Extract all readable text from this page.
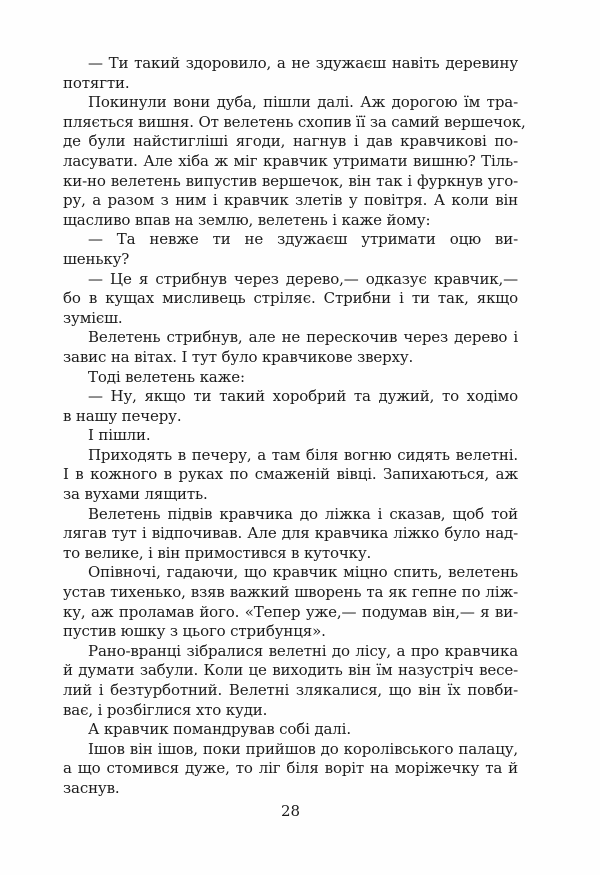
— Ти такий здоровило, а не здужаєш навіть деревину
потягти.
Покинули вони дуба, пішли далі. Аж дорогою їм тра-
пляється вишня. От велетень схопив її за самий вершечок,
де були найстигліші ягоди, нагнув і дав кравчикові по-
ласувати. Але хіба ж міг кравчик утримати вишню? Тіль-
ки-но велетень випустив вершечок, він так і фуркнув уго-
ру, а разом з ним і кравчик злетів у повітря. А коли він
щасливо впав на землю, велетень і каже йому:
— Та невже ти не здужаєш утримати оцю ви-
шеньку?
— Це я стрибнув через дерево,— одказує кравчик,—
бо в кущах мисливець стріляє. Стрибни і ти так, якщо
зумієш.
Велетень стрибнув, але не перескочив через дерево і
завис на вітах. І тут було кравчикове зверху.
Тоді велетень каже:
— Ну, якщо ти такий хоробрий та дужий, то ходімо
в нашу печеру.
І пішли.
Приходять в печеру, а там біля вогню сидять велетні.
І в кожного в руках по смаженій вівці. Запихаються, аж
за вухами лящить.
Велетень підвів кравчика до ліжка і сказав, щоб той
лягав тут і відпочивав. Але для кравчика ліжко було над-
то велике, і він примостився в куточку.
Опівночі, гадаючи, що кравчик міцно спить, велетень
устав тихенько, взяв важкий шворень та як гепне по ліж-
ку, аж проламав його. «Тепер уже,— подумав він,— я ви-
пустив юшку з цього стрибунця».
Рано-вранці зібралися велетні до лісу, а про кравчика
й думати забули. Коли це виходить він їм назустріч весе-
лий і безтурботний. Велетні злякалися, що він їх повби-
ває, і розбіглися хто куди.
А кравчик помандрував собі далі.
Ішов він ішов, поки прийшов до королівського палацу,
а що стомився дуже, то ліг біля воріт на моріжечку та й
заснув.
28
